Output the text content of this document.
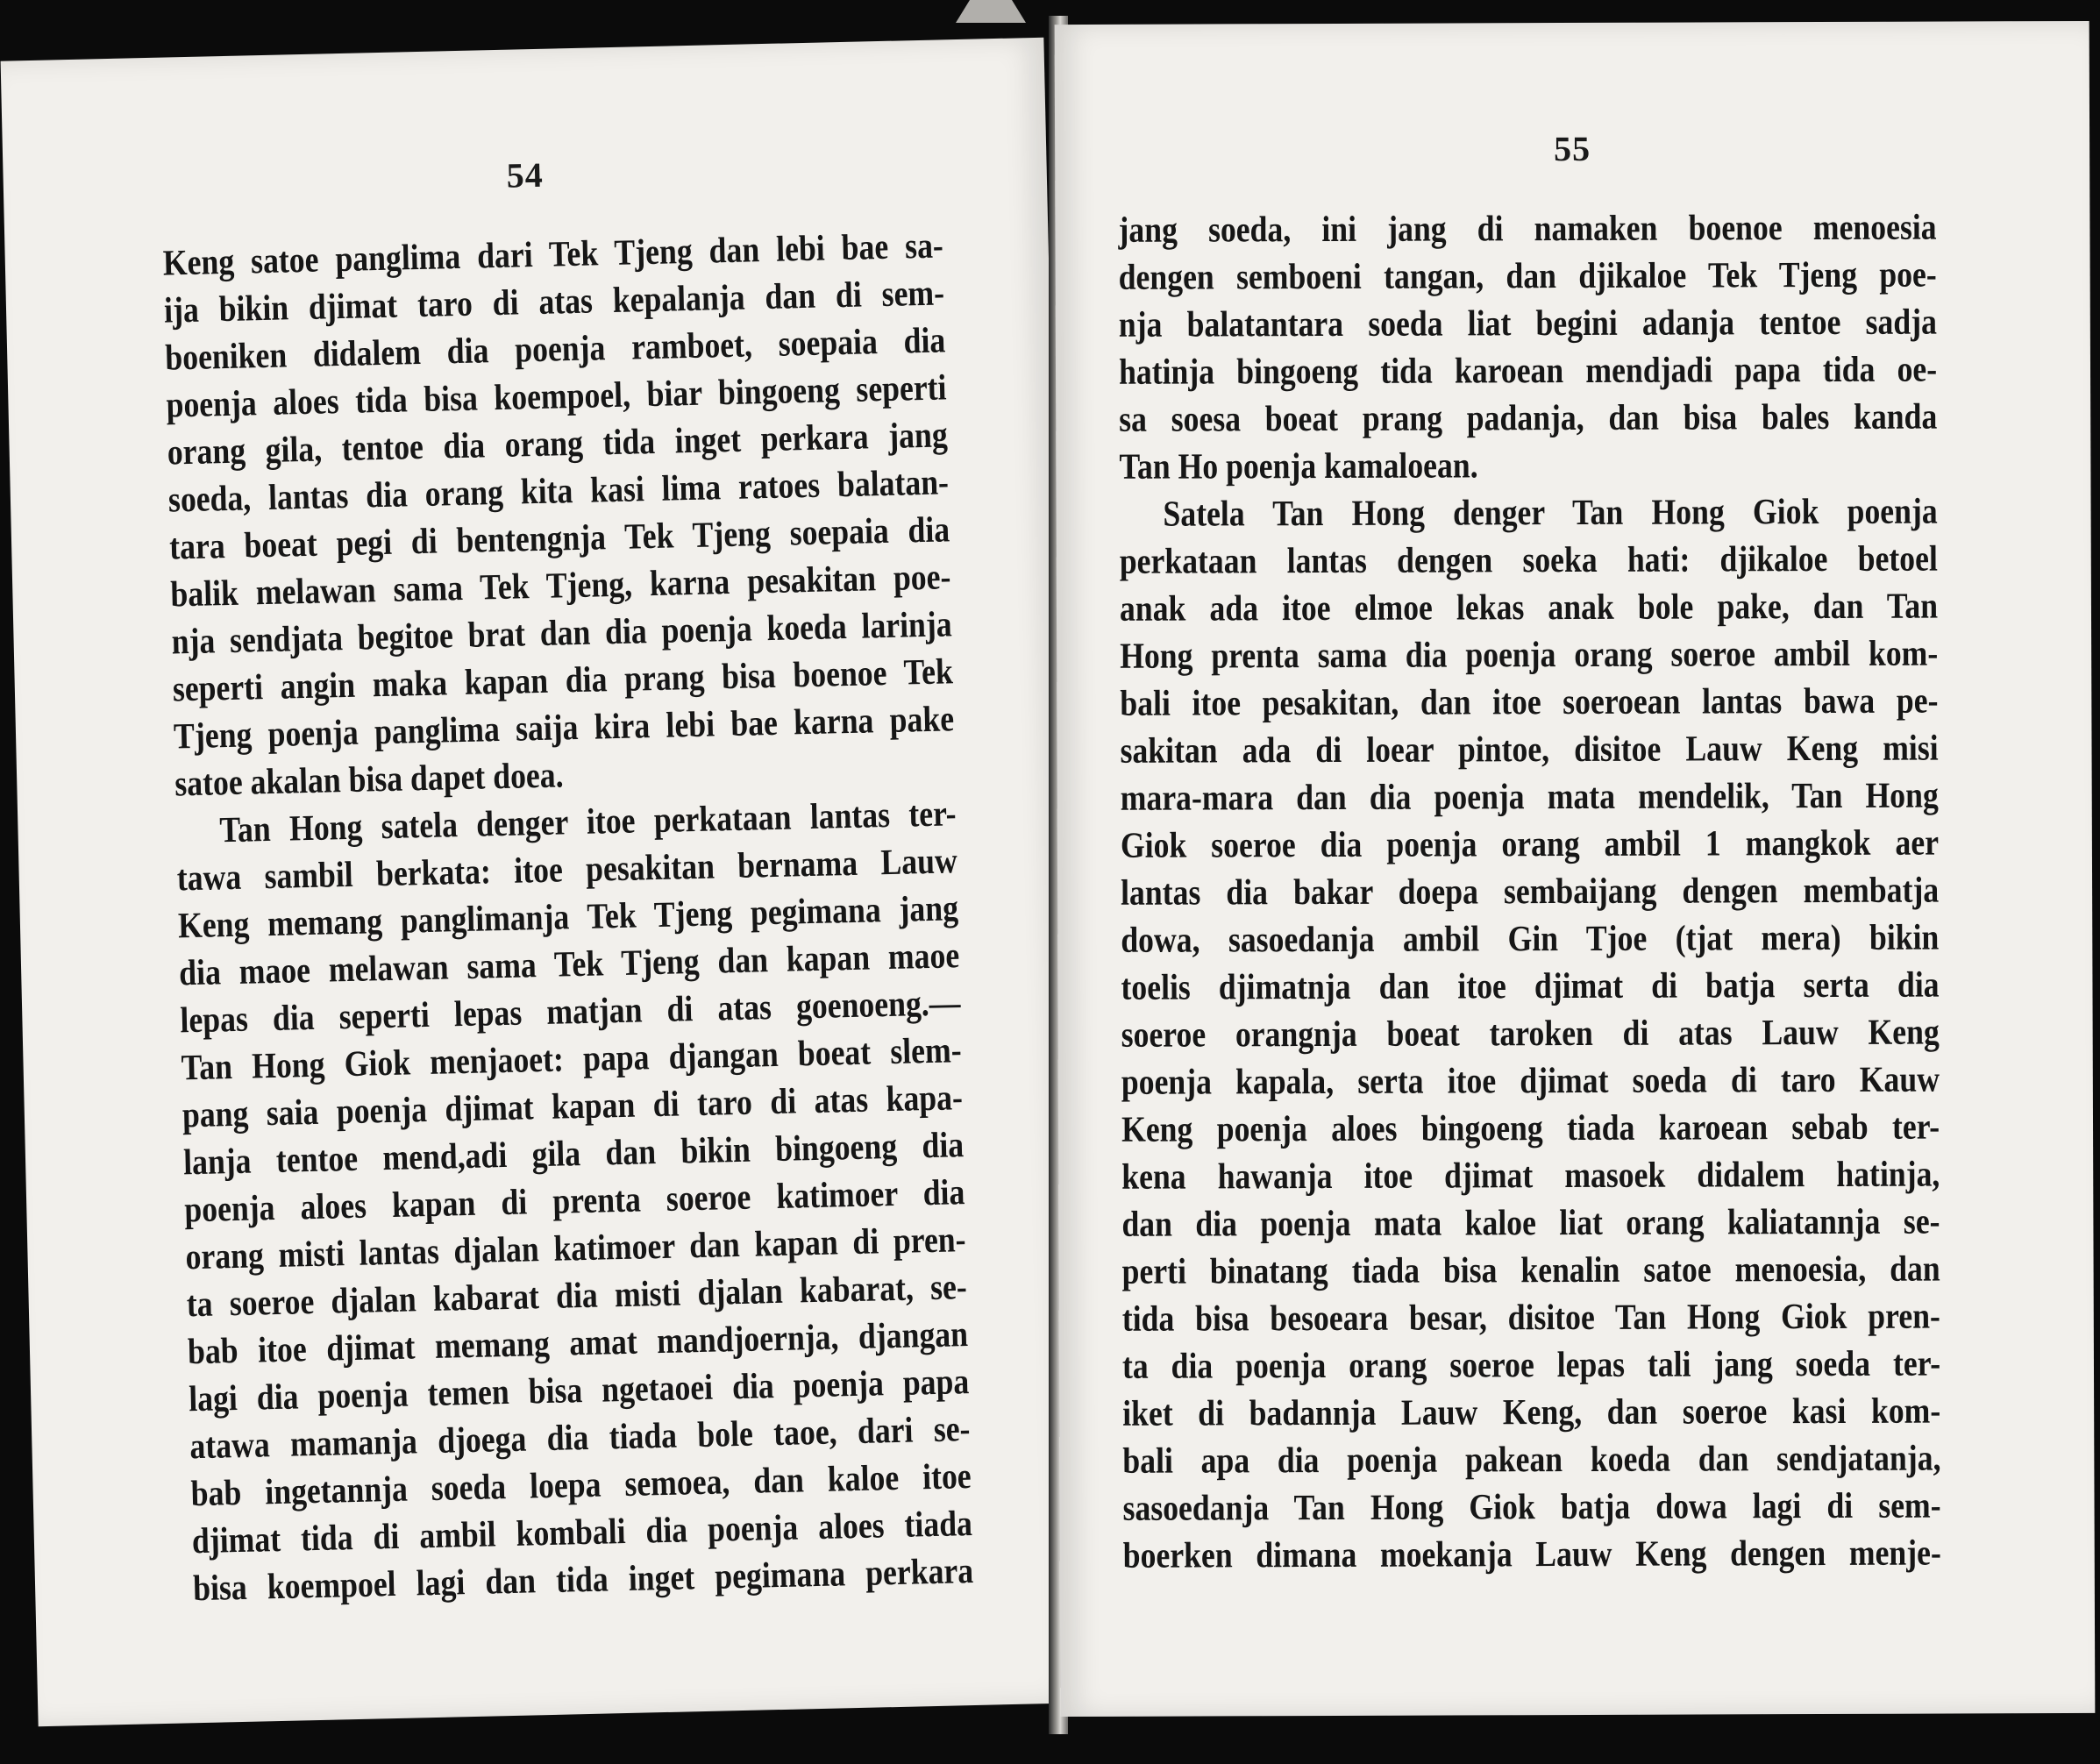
54
Keng satoe panglima dari Tek Tjeng dan lebi bae sa-
ija bikin djimat taro di atas kepalanja dan di sem-
boeniken didalem dia poenja ramboet, soepaia dia
poenja aloes tida bisa koempoel, biar bingoeng seperti
orang gila, tentoe dia orang tida inget perkara jang
soeda, lantas dia orang kita kasi lima ratoes balatan-
tara boeat pegi di bentengnja Tek Tjeng soepaia dia
balik melawan sama Tek Tjeng, karna pesakitan poe-
nja sendjata begitoe brat dan dia poenja koeda larinja
seperti angin maka kapan dia prang bisa boenoe Tek
Tjeng poenja panglima saija kira lebi bae karna pake
satoe akalan bisa dapet doea.
Tan Hong satela denger itoe perkataan lantas ter-
tawa sambil berkata: itoe pesakitan bernama Lauw
Keng memang panglimanja Tek Tjeng pegimana jang
dia maoe melawan sama Tek Tjeng dan kapan maoe
lepas dia seperti lepas matjan di atas goenoeng.—
Tan Hong Giok menjaoet: papa djangan boeat slem-
pang saia poenja djimat kapan di taro di atas kapa-
lanja tentoe mend,adi gila dan bikin bingoeng dia
poenja aloes kapan di prenta soeroe katimoer dia
orang misti lantas djalan katimoer dan kapan di pren-
ta soeroe djalan kabarat dia misti djalan kabarat, se-
bab itoe djimat memang amat mandjoernja, djangan
lagi dia poenja temen bisa ngetaoei dia poenja papa
atawa mamanja djoega dia tiada bole taoe, dari se-
bab ingetannja soeda loepa semoea, dan kaloe itoe
djimat tida di ambil kombali dia poenja aloes tiada
bisa koempoel lagi dan tida inget pegimana perkara
55
jang soeda, ini jang di namaken boenoe menoesia
dengen semboeni tangan, dan djikaloe Tek Tjeng poe-
nja balatantara soeda liat begini adanja tentoe sadja
hatinja bingoeng tida karoean mendjadi papa tida oe-
sa soesa boeat prang padanja, dan bisa bales kanda
Tan Ho poenja kamaloean.
Satela Tan Hong denger Tan Hong Giok poenja
perkataan lantas dengen soeka hati: djikaloe betoel
anak ada itoe elmoe lekas anak bole pake, dan Tan
Hong prenta sama dia poenja orang soeroe ambil kom-
bali itoe pesakitan, dan itoe soeroean lantas bawa pe-
sakitan ada di loear pintoe, disitoe Lauw Keng misi
mara-mara dan dia poenja mata mendelik, Tan Hong
Giok soeroe dia poenja orang ambil 1 mangkok aer
lantas dia bakar doepa sembaijang dengen membatja
dowa, sasoedanja ambil Gin Tjoe (tjat mera) bikin
toelis djimatnja dan itoe djimat di batja serta dia
soeroe orangnja boeat taroken di atas Lauw Keng
poenja kapala, serta itoe djimat soeda di taro Kauw
Keng poenja aloes bingoeng tiada karoean sebab ter-
kena hawanja itoe djimat masoek didalem hatinja,
dan dia poenja mata kaloe liat orang kaliatannja se-
perti binatang tiada bisa kenalin satoe menoesia, dan
tida bisa besoeara besar, disitoe Tan Hong Giok pren-
ta dia poenja orang soeroe lepas tali jang soeda ter-
iket di badannja Lauw Keng, dan soeroe kasi kom-
bali apa dia poenja pakean koeda dan sendjatanja,
sasoedanja Tan Hong Giok batja dowa lagi di sem-
boerken dimana moekanja Lauw Keng dengen menje-
